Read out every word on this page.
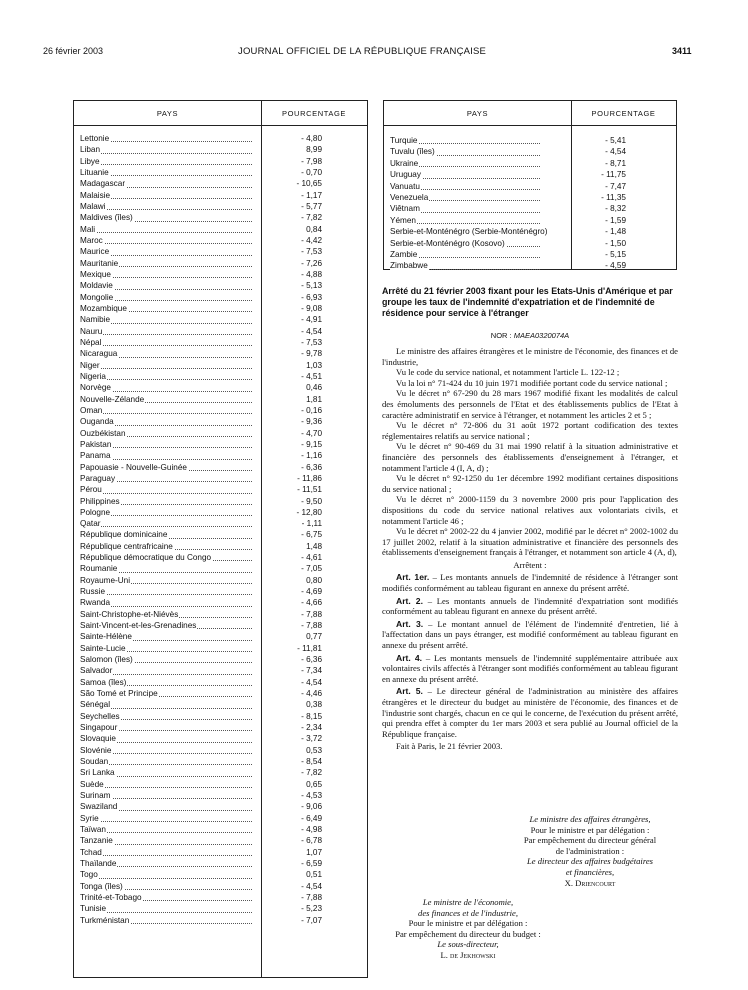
26 février 2003	JOURNAL OFFICIEL DE LA RÉPUBLIQUE FRANÇAISE	3411
PAYS	POURCENTAGE
Lettonie	- 4,80
Liban	8,99
Libye	- 7,98
Lituanie	- 0,70
Madagascar	- 10,65
Malaisie	- 1,17
Malawi	- 5,77
Maldives (îles)	- 7,82
Mali	0,84
Maroc	- 4,42
Maurice	- 7,53
Mauritanie	- 7,26
Mexique	- 4,88
Moldavie	- 5,13
Mongolie	- 6,93
Mozambique	- 9,08
Namibie	- 4,91
Nauru	- 4,54
Népal	- 7,53
Nicaragua	- 9,78
Niger	1,03
Nigeria	- 4,51
Norvège	0,46
Nouvelle-Zélande	1,81
Oman	- 0,16
Ouganda	- 9,36
Ouzbékistan	- 4,70
Pakistan	- 9,15
Panama	- 1,16
Papouasie - Nouvelle-Guinée	- 6,36
Paraguay	- 11,86
Pérou	- 11,51
Philippines	- 9,50
Pologne	- 12,80
Qatar	- 1,11
République dominicaine	- 6,75
République centrafricaine	1,48
République démocratique du Congo	- 4,61
Roumanie	- 7,05
Royaume-Uni	0,80
Russie	- 4,69
Rwanda	- 4,66
Saint-Christophe-et-Niévès	- 7,88
Saint-Vincent-et-les-Grenadines	- 7,88
Sainte-Hélène	0,77
Sainte-Lucie	- 11,81
Salomon (îles)	- 6,36
Salvador	- 7,34
Samoa (îles)	- 4,54
São Tomé et Principe	- 4,46
Sénégal	0,38
Seychelles	- 8,15
Singapour	- 2,34
Slovaquie	- 3,72
Slovénie	0,53
Soudan	- 8,54
Sri Lanka	- 7,82
Suède	0,65
Surinam	- 4,53
Swaziland	- 9,06
Syrie	- 6,49
Taïwan	- 4,98
Tanzanie	- 6,78
Tchad	1,07
Thaïlande	- 6,59
Togo	0,51
Tonga (îles)	- 4,54
Trinité-et-Tobago	- 7,88
Tunisie	- 5,23
Turkménistan	- 7,07
PAYS	POURCENTAGE
Turquie	- 5,41
Tuvalu (îles)	- 4,54
Ukraine	- 8,71
Uruguay	- 11,75
Vanuatu	- 7,47
Venezuela	- 11,35
Viêtnam	- 8,32
Yémen	- 1,59
Serbie-et-Monténégro (Serbie-Monténégro)	- 1,48
Serbie-et-Monténégro (Kosovo)	- 1,50
Zambie	- 5,15
Zimbabwe	- 4,59
Arrêté du 21 février 2003 fixant pour les Etats-Unis d'Amérique et par groupe les taux de l'indemnité d'expatriation et de l'indemnité de résidence pour service à l'étranger
NOR : MAEA0320074A

Le ministre des affaires étrangères et le ministre de l'économie, des finances et de l'industrie,

Vu le code du service national, et notamment l'article L. 122-12 ;

Vu la loi n° 71-424 du 10 juin 1971 modifiée portant code du service national ;

Vu le décret n° 67-290 du 28 mars 1967 modifié fixant les modalités de calcul des émoluments des personnels de l'Etat et des établissements publics de l'Etat à caractère administratif en service à l'étranger, et notamment les articles 2 et 5 ;

Vu le décret n° 72-806 du 31 août 1972 portant codification des textes réglementaires relatifs au service national ;

Vu le décret n° 90-469 du 31 mai 1990 relatif à la situation administrative et financière des personnels des établissements d'enseignement à l'étranger, et notamment l'article 4 (I, A, d) ;

Vu le décret n° 92-1250 du 1er décembre 1992 modifiant certaines dispositions du service national ;

Vu le décret n° 2000-1159 du 3 novembre 2000 pris pour l'application des dispositions du code du service national relatives aux volontariats civils, et notamment l'article 46 ;

Vu le décret n° 2002-22 du 4 janvier 2002, modifié par le décret n° 2002-1002 du 17 juillet 2002, relatif à la situation administrative et financière des personnels des établissements d'enseignement français à l'étranger, et notamment son article 4 (A, d),

Arrêtent :

Art. 1er. – Les montants annuels de l'indemnité de résidence à l'étranger sont modifiés conformément au tableau figurant en annexe du présent arrêté.

Art. 2. – Les montants annuels de l'indemnité d'expatriation sont modifiés conformément au tableau figurant en annexe du présent arrêté.

Art. 3. – Le montant annuel de l'élément de l'indemnité d'entretien, lié à l'affectation dans un pays étranger, est modifié conformément au tableau figurant en annexe du présent arrêté.

Art. 4. – Les montants mensuels de l'indemnité supplémentaire attribuée aux volontaires civils affectés à l'étranger sont modifiés conformément au tableau figurant en annexe du présent arrêté.

Art. 5. – Le directeur général de l'administration au ministère des affaires étrangères et le directeur du budget au ministère de l'économie, des finances et de l'industrie sont chargés, chacun en ce qui le concerne, de l'exécution du présent arrêté, qui prendra effet à compter du 1er mars 2003 et sera publié au Journal officiel de la République française.

Fait à Paris, le 21 février 2003.

Le ministre des affaires étrangères,
Pour le ministre et par délégation :
Par empêchement du directeur général
de l'administration :
Le directeur des affaires budgétaires
et financières,
X. Driencourt
Le ministre de l'économie,
des finances et de l'industrie,
Pour le ministre et par délégation :
Par empêchement du directeur du budget :
Le sous-directeur,
L. de Jekhowski
